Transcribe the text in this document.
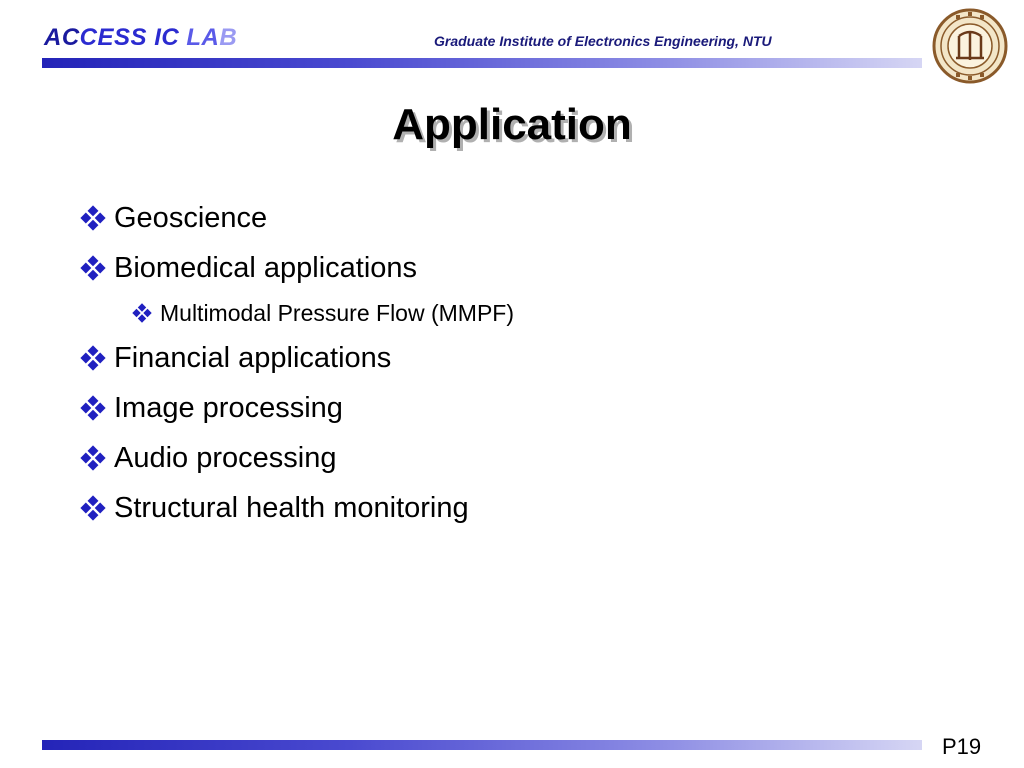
ACCESS IC LAB	Graduate Institute of Electronics Engineering, NTU
Application
Geoscience
Biomedical applications
Multimodal Pressure Flow (MMPF)
Financial applications
Image processing
Audio processing
Structural health monitoring
P19
